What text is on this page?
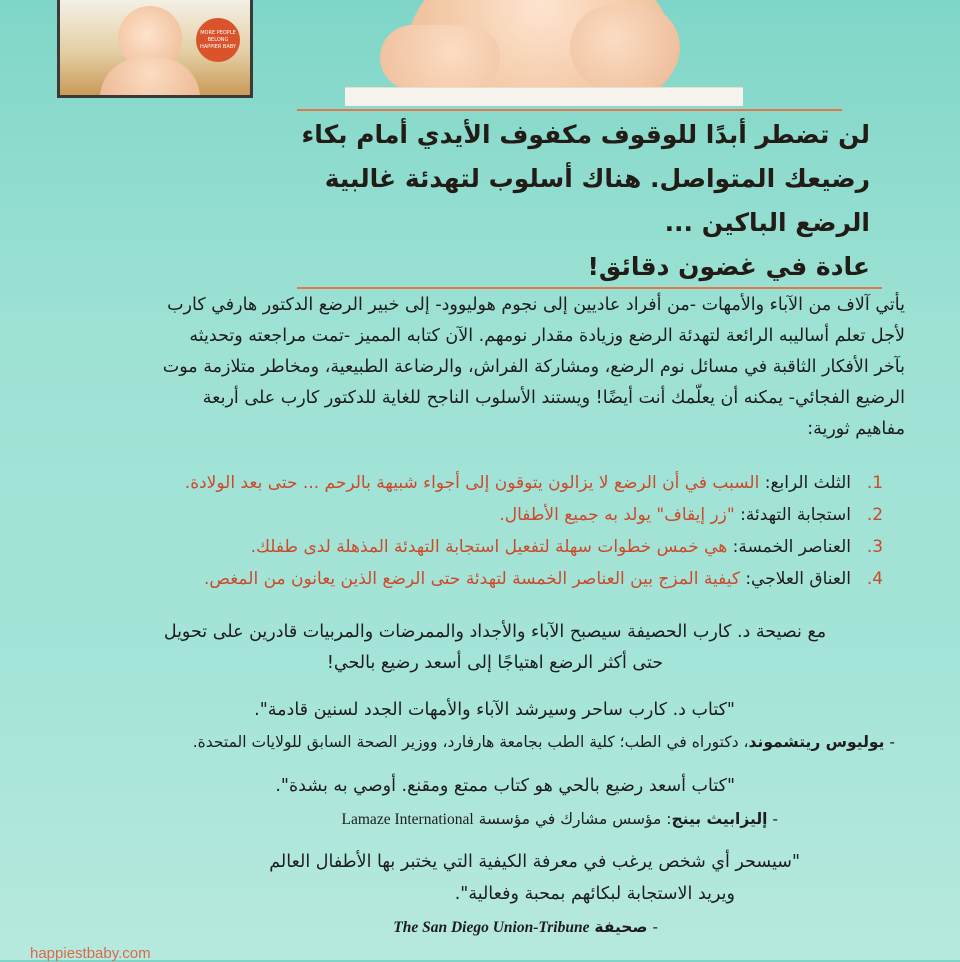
MORE PEOPLE BELONG HAPPIER BABY
لن تضطر أبدًا للوقوف مكفوف الأيدي أمام بكاء
رضيعك المتواصل. هناك أسلوب لتهدئة غالبية
الرضع الباكين ...
عادة في غضون دقائق!
يأتي آلاف من الآباء والأمهات -من أفراد عاديين إلى نجوم هوليوود- إلى خبير الرضع الدكتور هارفي كارب
لأجل تعلم أساليبه الرائعة لتهدئة الرضع وزيادة مقدار نومهم. الآن كتابه المميز -تمت مراجعته وتحديثه
بآخر الأفكار الثاقبة في مسائل نوم الرضع، ومشاركة الفراش، والرضاعة الطبيعية، ومخاطر متلازمة موت
الرضيع الفجائي- يمكنه أن يعلّمك أنت أيضًا! ويستند الأسلوب الناجح للغاية للدكتور كارب على أربعة
مفاهيم ثورية:
1.
الثلث الرابع: السبب في أن الرضع لا يزالون يتوقون إلى أجواء شبيهة بالرحم ... حتى بعد الولادة.
2.
استجابة التهدئة: "زر إيقاف" يولد به جميع الأطفال.
3.
العناصر الخمسة: هي خمس خطوات سهلة لتفعيل استجابة التهدئة المذهلة لدى طفلك.
4.
العناق العلاجي: كيفية المزج بين العناصر الخمسة لتهدئة حتى الرضع الذين يعانون من المغص.
مع نصيحة د. كارب الحصيفة سيصبح الآباء والأجداد والممرضات والمربيات قادرين على تحويل
حتى أكثر الرضع اهتياجًا إلى أسعد رضيع بالحي!
"كتاب د. كارب ساحر وسيرشد الآباء والأمهات الجدد لسنين قادمة".
- يوليوس ريتشموند، دكتوراه في الطب؛ كلية الطب بجامعة هارفارد، ووزير الصحة السابق للولايات المتحدة.
"كتاب أسعد رضيع بالحي هو كتاب ممتع ومقنع. أوصي به بشدة".
- إليزابيث بينج: مؤسس مشارك في مؤسسة Lamaze International
"سيسحر أي شخص يرغب في معرفة الكيفية التي يختبر بها الأطفال العالم
ويريد الاستجابة لبكائهم بمحبة وفعالية".
- صحيفة The San Diego Union-Tribune
happiestbaby.com
